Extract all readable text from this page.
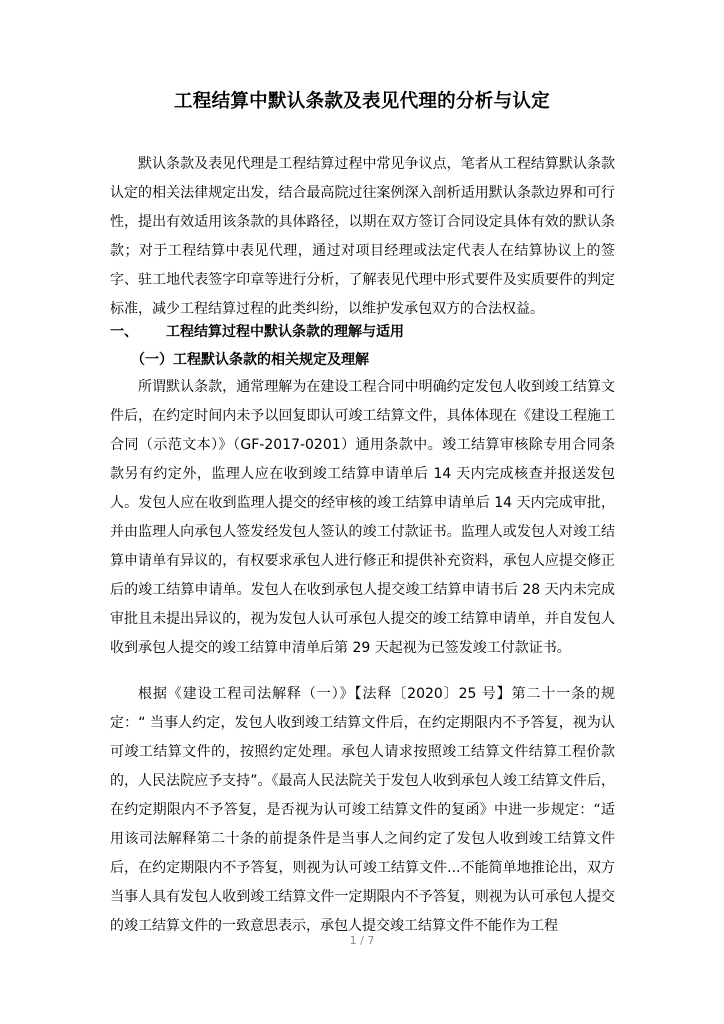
工程结算中默认条款及表见代理的分析与认定
默认条款及表见代理是工程结算过程中常见争议点，笔者从工程结算默认条款认定的相关法律规定出发，结合最高院过往案例深入剖析适用默认条款边界和可行性，提出有效适用该条款的具体路径，以期在双方签订合同设定具体有效的默认条款；对于工程结算中表见代理，通过对项目经理或法定代表人在结算协议上的签字、驻工地代表签字印章等进行分析，了解表见代理中形式要件及实质要件的判定标准，减少工程结算过程的此类纠纷，以维护发承包双方的合法权益。
一、 工程结算过程中默认条款的理解与适用
（一）工程默认条款的相关规定及理解
所谓默认条款，通常理解为在建设工程合同中明确约定发包人收到竣工结算文件后，在约定时间内未予以回复即认可竣工结算文件，具体体现在《建设工程施工合同（示范文本）》（GF-2017-0201）通用条款中。竣工结算审核除专用合同条款另有约定外，监理人应在收到竣工结算申请单后 14 天内完成核查并报送发包人。发包人应在收到监理人提交的经审核的竣工结算申请单后 14 天内完成审批，并由监理人向承包人签发经发包人签认的竣工付款证书。监理人或发包人对竣工结算申请单有异议的，有权要求承包人进行修正和提供补充资料，承包人应提交修正后的竣工结算申请单。发包人在收到承包人提交竣工结算申请书后 28 天内未完成审批且未提出异议的，视为发包人认可承包人提交的竣工结算申请单，并自发包人收到承包人提交的竣工结算申清单后第 29 天起视为已签发竣工付款证书。
根据《建设工程司法解释（一）》【法释〔2020〕25 号】第二十一条的规定：“ 当事人约定，发包人收到竣工结算文件后，在约定期限内不予答复，视为认可竣工结算文件的，按照约定处理。承包人请求按照竣工结算文件结算工程价款的，人民法院应予支持”。《最高人民法院关于发包人收到承包人竣工结算文件后，在约定期限内不予答复，是否视为认可竣工结算文件的复函》中进一步规定：“适用该司法解释第二十条的前提条件是当事人之间约定了发包人收到竣工结算文件后，在约定期限内不予答复，则视为认可竣工结算文件...不能简单地推论出，双方当事人具有发包人收到竣工结算文件一定期限内不予答复，则视为认可承包人提交的竣工结算文件的一致意思表示，承包人提交竣工结算文件不能作为工程
1 / 7
